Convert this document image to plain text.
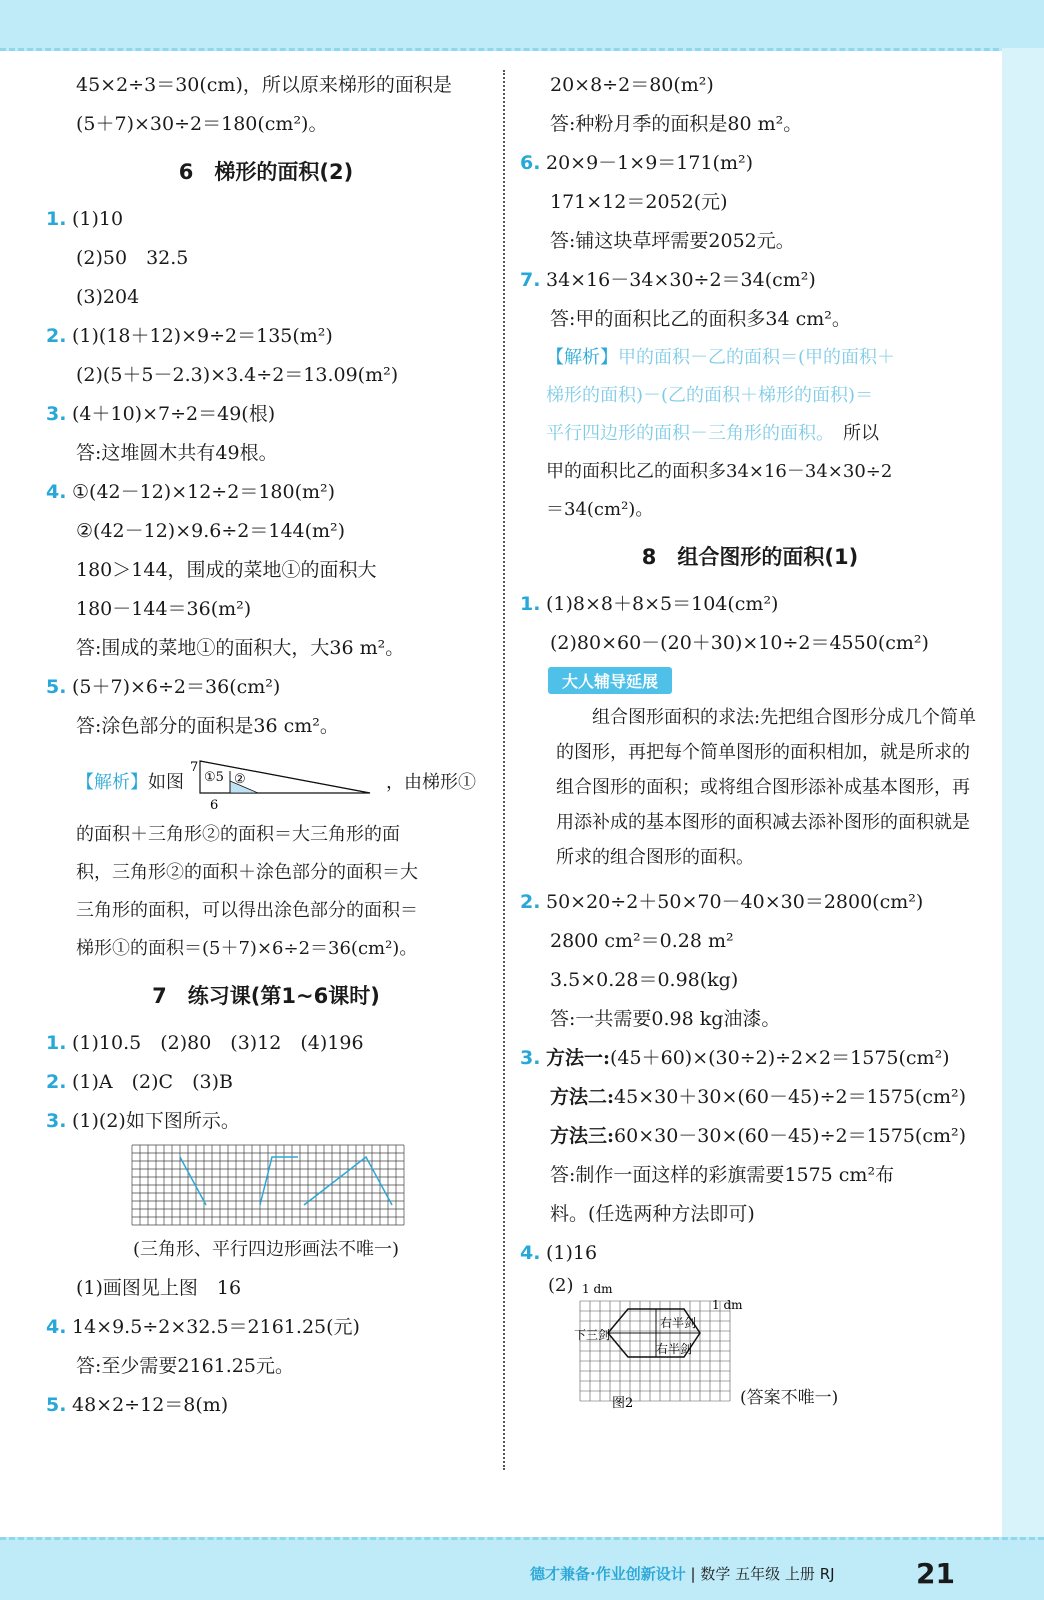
45×2÷3＝30(cm)，所以原来梯形的面积是
(5＋7)×30÷2＝180(cm²)。
6　梯形的面积(2)
1. (1)10
(2)50　32.5
(3)204
2. (1)(18＋12)×9÷2＝135(m²)
(2)(5＋5－2.3)×3.4÷2＝13.09(m²)
3. (4＋10)×7÷2＝49(根)
答:这堆圆木共有49根。
4. ①(42－12)×12÷2＝180(m²)
②(42－12)×9.6÷2＝144(m²)
180＞144，围成的菜地①的面积大
180－144＝36(m²)
答:围成的菜地①的面积大，大36 m²。
5. (5＋7)×6÷2＝36(cm²)
答:涂色部分的面积是36 cm²。
【解析】 如图
7
①5 ②
6
，由梯形①
的面积＋三角形②的面积＝大三角形的面
积，三角形②的面积＋涂色部分的面积＝大
三角形的面积，可以得出涂色部分的面积＝
梯形①的面积＝(5＋7)×6÷2＝36(cm²)。
7　练习课(第1~6课时)
1. (1)10.5　(2)80　(3)12　(4)196
2. (1)A　(2)C　(3)B
3. (1)(2)如下图所示。
(三角形、平行四边形画法不唯一)
(1)画图见上图　16
4. 14×9.5÷2×32.5＝2161.25(元)
答:至少需要2161.25元。
5. 48×2÷12＝8(m)
20×8÷2＝80(m²)
答:种粉月季的面积是80 m²。
6. 20×9－1×9＝171(m²)
171×12＝2052(元)
答:铺这块草坪需要2052元。
7. 34×16－34×30÷2＝34(cm²)
答:甲的面积比乙的面积多34 cm²。
【解析】甲的面积－乙的面积＝(甲的面积＋
梯形的面积)－(乙的面积＋梯形的面积)＝
平行四边形的面积－三角形的面积。　 所以
甲的面积比乙的面积多34×16－34×30÷2
＝34(cm²)。
8　组合图形的面积(1)
1. (1)8×8＋8×5＝104(cm²)
(2)80×60－(20＋30)×10÷2＝4550(cm²)
大人辅导延展
　　组合图形面积的求法:先把组合图形分成几个简单的图形，再把每个简单图形的面积相加，就是所求的组合图形的面积；或将组合图形添补成基本图形，再用添补成的基本图形的面积减去添补图形的面积就是所求的组合图形的面积。
2. 50×20÷2＋50×70－40×30＝2800(cm²)
2800 cm²＝0.28 m²
3.5×0.28＝0.98(kg)
答:一共需要0.98 kg油漆。
3. 方法一:(45＋60)×(30÷2)÷2×2＝1575(cm²)
方法二:45×30＋30×(60－45)÷2＝1575(cm²)
方法三:60×30－30×(60－45)÷2＝1575(cm²)
答:制作一面这样的彩旗需要1575 cm²布
料。(任选两种方法即可)
4. (1)16
(2) 1 dm
1 dm
右半剑
右半剑
下三剑
图2	(答案不唯一)
德才兼备·作业创新设计 | 数学 五年级 上册 RJ	21
